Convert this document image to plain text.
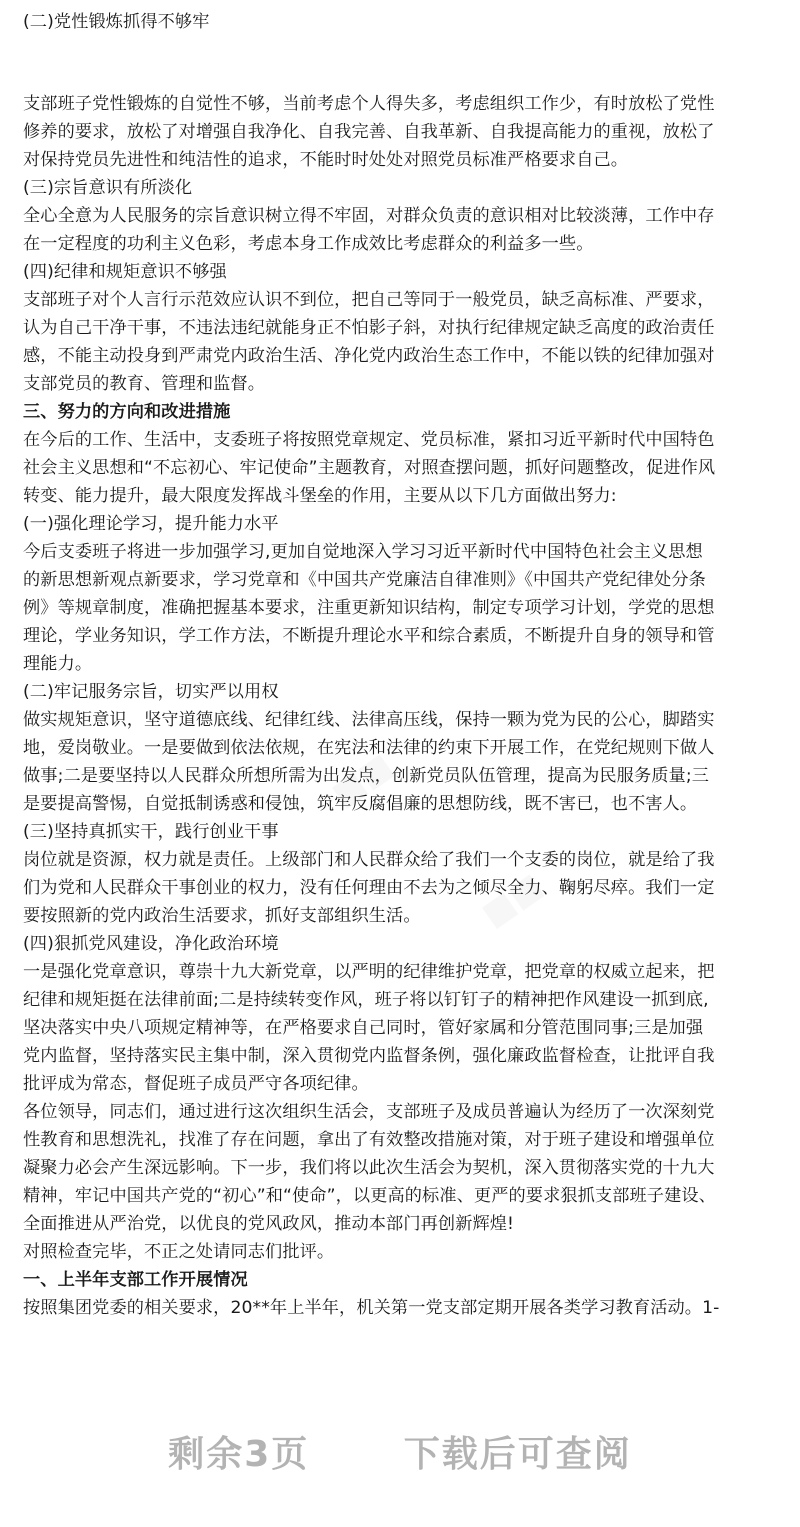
■■
■■
(二)党性锻炼抓得不够牢
支部班子党性锻炼的自觉性不够，当前考虑个人得失多，考虑组织工作少，有时放松了党性
修养的要求，放松了对增强自我净化、自我完善、自我革新、自我提高能力的重视，放松了
对保持党员先进性和纯洁性的追求，不能时时处处对照党员标准严格要求自己。
(三)宗旨意识有所淡化
全心全意为人民服务的宗旨意识树立得不牢固，对群众负责的意识相对比较淡薄，工作中存
在一定程度的功利主义色彩，考虑本身工作成效比考虑群众的利益多一些。
(四)纪律和规矩意识不够强
支部班子对个人言行示范效应认识不到位，把自己等同于一般党员，缺乏高标准、严要求，
认为自己干净干事，不违法违纪就能身正不怕影子斜，对执行纪律规定缺乏高度的政治责任
感，不能主动投身到严肃党内政治生活、净化党内政治生态工作中，不能以铁的纪律加强对
支部党员的教育、管理和监督。
三、努力的方向和改进措施
在今后的工作、生活中，支委班子将按照党章规定、党员标准，紧扣习近平新时代中国特色
社会主义思想和“不忘初心、牢记使命”主题教育，对照查摆问题，抓好问题整改，促进作风
转变、能力提升，最大限度发挥战斗堡垒的作用，主要从以下几方面做出努力:
(一)强化理论学习，提升能力水平
今后支委班子将进一步加强学习,更加自觉地深入学习习近平新时代中国特色社会主义思想
的新思想新观点新要求，学习党章和《中国共产党廉洁自律准则》《中国共产党纪律处分条
例》等规章制度，准确把握基本要求，注重更新知识结构，制定专项学习计划，学党的思想
理论，学业务知识，学工作方法，不断提升理论水平和综合素质，不断提升自身的领导和管
理能力。
(二)牢记服务宗旨，切实严以用权
做实规矩意识，坚守道德底线、纪律红线、法律高压线，保持一颗为党为民的公心，脚踏实
地，爱岗敬业。一是要做到依法依规，在宪法和法律的约束下开展工作，在党纪规则下做人
做事;二是要坚持以人民群众所想所需为出发点，创新党员队伍管理，提高为民服务质量;三
是要提高警惕，自觉抵制诱惑和侵蚀，筑牢反腐倡廉的思想防线，既不害已，也不害人。
(三)坚持真抓实干，践行创业干事
岗位就是资源，权力就是责任。上级部门和人民群众给了我们一个支委的岗位，就是给了我
们为党和人民群众干事创业的权力，没有任何理由不去为之倾尽全力、鞠躬尽瘁。我们一定
要按照新的党内政治生活要求，抓好支部组织生活。
(四)狠抓党风建设，净化政治环境
一是强化党章意识，尊崇十九大新党章，以严明的纪律维护党章，把党章的权威立起来，把
纪律和规矩挺在法律前面;二是持续转变作风，班子将以钉钉子的精神把作风建设一抓到底,
坚决落实中央八项规定精神等，在严格要求自己同时，管好家属和分管范围同事;三是加强
党内监督，坚持落实民主集中制，深入贯彻党内监督条例，强化廉政监督检查，让批评自我
批评成为常态，督促班子成员严守各项纪律。
各位领导，同志们，通过进行这次组织生活会，支部班子及成员普遍认为经历了一次深刻党
性教育和思想洗礼，找准了存在问题，拿出了有效整改措施对策，对于班子建设和增强单位
凝聚力必会产生深远影响。下一步，我们将以此次生活会为契机，深入贯彻落实党的十九大
精神，牢记中国共产党的“初心”和“使命”，以更高的标准、更严的要求狠抓支部班子建设、
全面推进从严治党，以优良的党风政风，推动本部门再创新辉煌!
对照检查完毕，不正之处请同志们批评。
一、上半年支部工作开展情况
按照集团党委的相关要求，20**年上半年，机关第一党支部定期开展各类学习教育活动。1-
剩余3页	下载后可查阅
